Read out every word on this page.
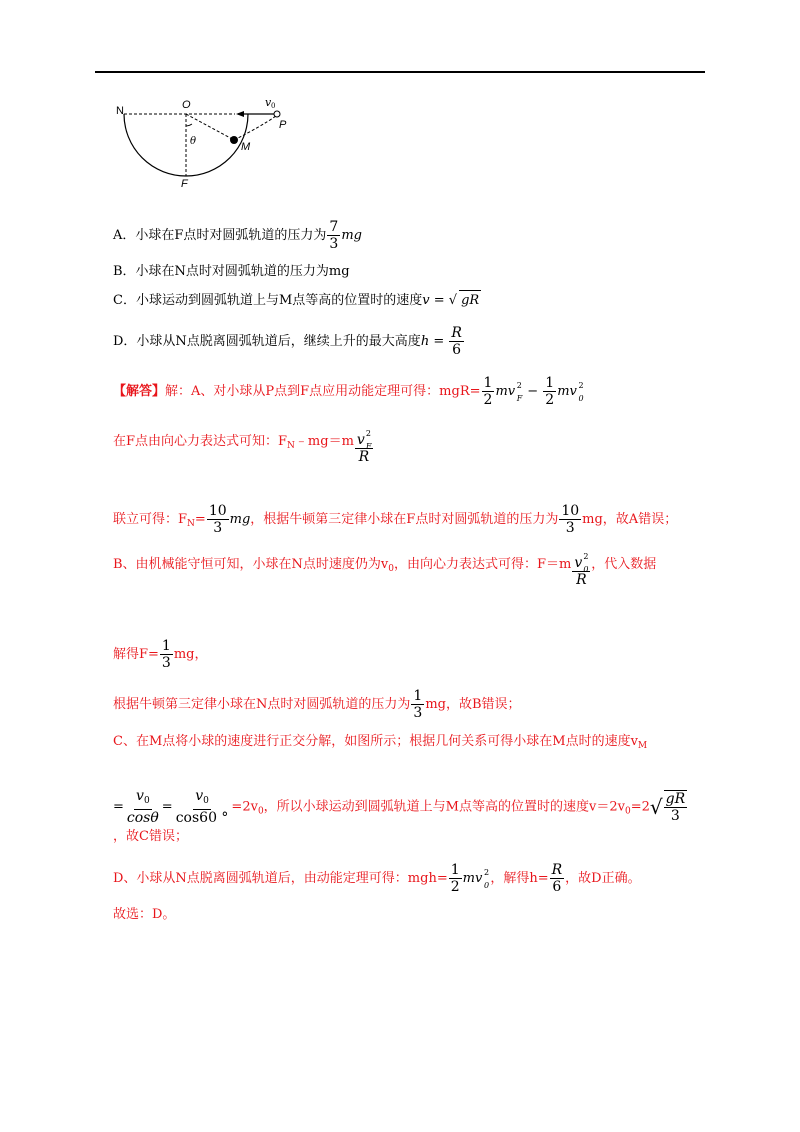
N	O	v 0
P
M
θ
F
A．小球在F点时对圆弧轨道的压力为 $\frac{7}{3}$ mg
B．小球在N点时对圆弧轨道的压力为mg
C．小球运动到圆弧轨道上与M点等高的位置时的速度v = √ gR
D．小球从N点脱离圆弧轨道后，继续上升的最大高度$h = \frac{R}{6}$
【解答】解：A、对小球从P点到F点应用动能定理可得：$mgR= \frac{1}{2}$ mv 2
$F - \frac{1}{2}$ mv 2
0
在F点由向心力表达式可知：$F_N﹣mg=m$ v 2
F
R
联立可得：$F_N= \frac{10}{3}$ mg，根据牛顿第三定律小球在F点时对圆弧轨道的压力为 $\frac{10}{3}$ mg，故A错误；
B、由机械能守恒可知，小球在N点时速度仍为$v_0$，由向心力表达式可得：F＝m v 2
0
R ，代入数据
解得$F= \frac{1}{3}$ mg，
根据牛顿第三定律小球在N点时对圆弧轨道的压力为 $\frac{1}{3}$ mg，故B错误；
C、在M点将小球的速度进行正交分解，如图所示；根据几何关系可得小球在M点时的速度$v_M$
= $\frac{v_0}{\cos\theta} = \frac{v_0}{\cos 60 ^\circ} =2v_0$，所以小球运动到圆弧轨道上与M点等高的位置时的速度$v=2v_0=2√ \frac{gR}{3}$
，故C错误；
D、小球从N点脱离圆弧轨道后，由动能定理可得：$mgh= \frac{1}{2}$ mv 2
0 ，解得$h= \frac{R}{6}$ ，故D正确。
故选：D。
